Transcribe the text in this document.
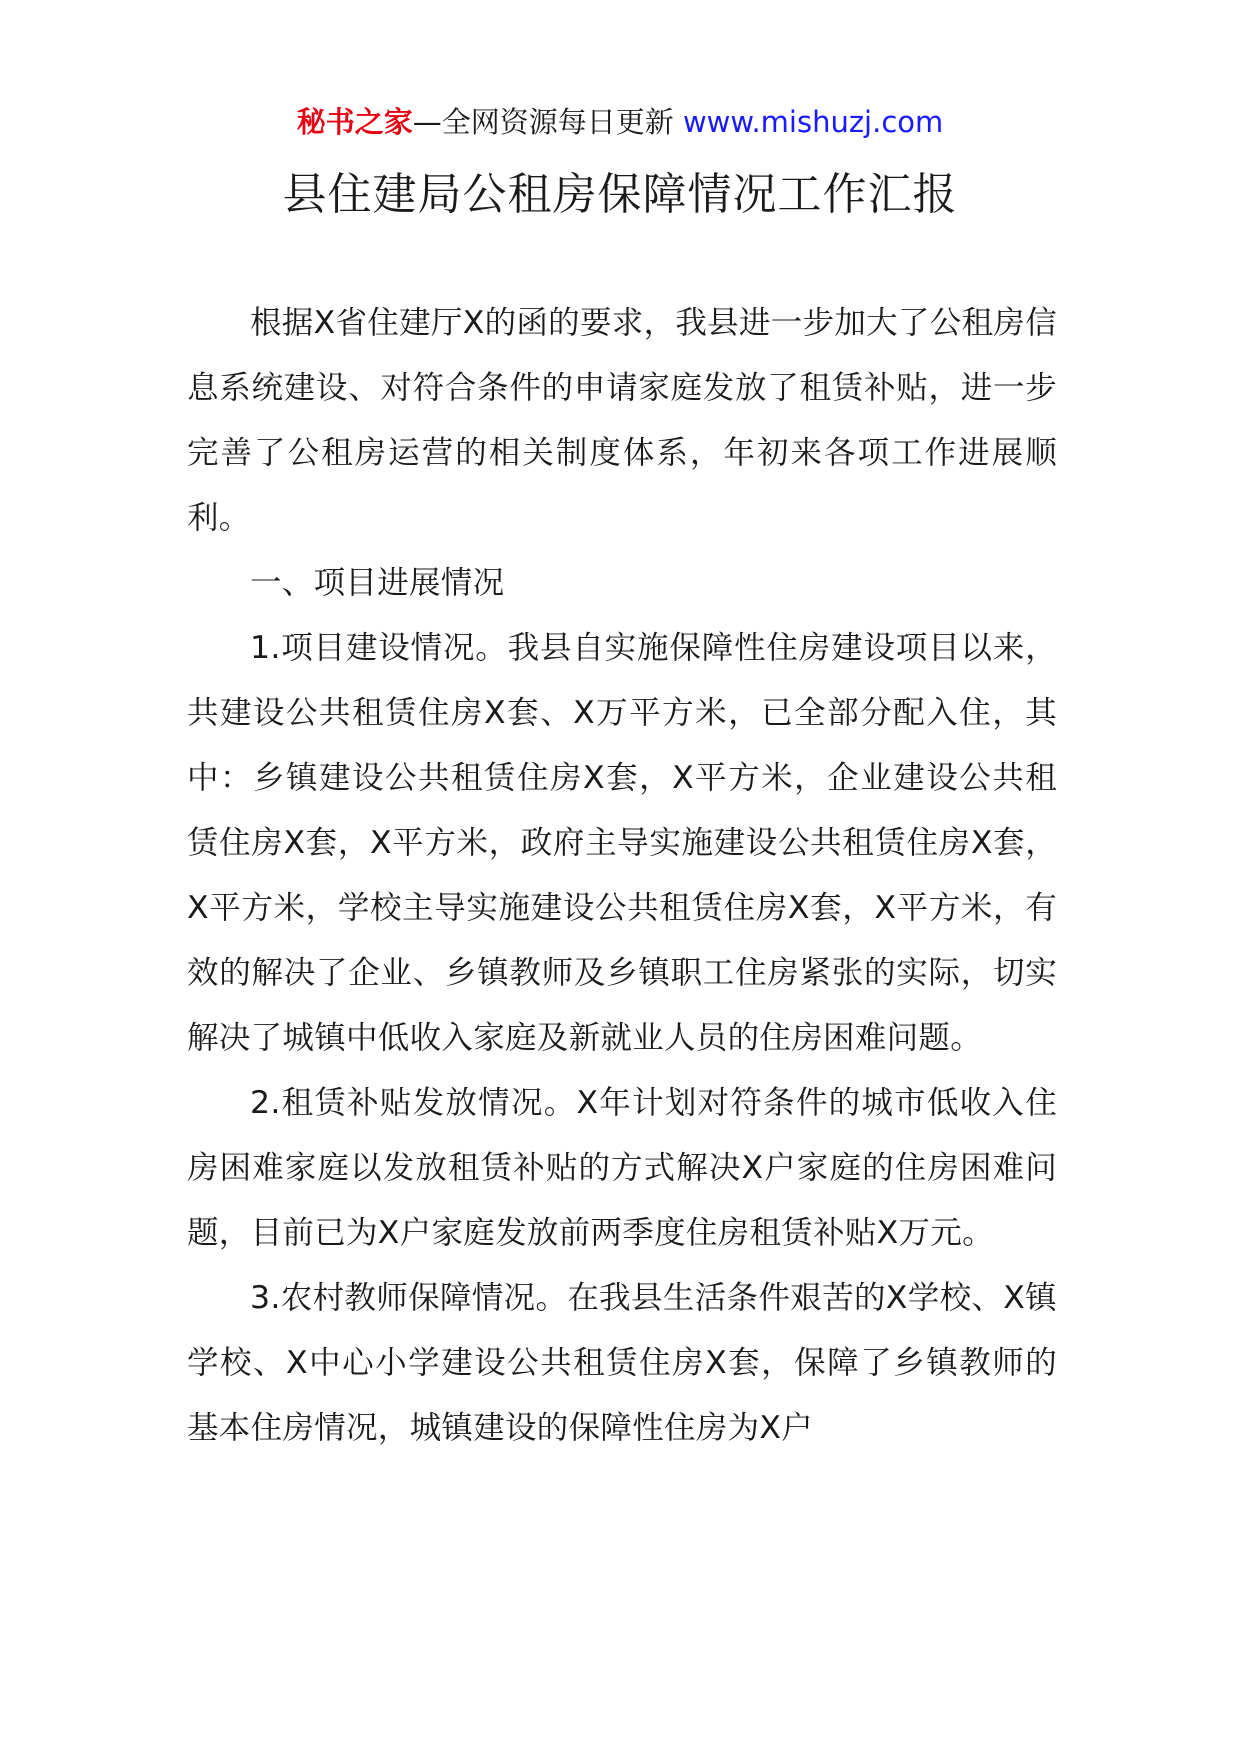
秘书之家—全网资源每日更新 www.mishuzj.com
县住建局公租房保障情况工作汇报

根据X省住建厅X的函的要求，我县进一步加大了公租房信息系统建设、对符合条件的申请家庭发放了租赁补贴，进一步完善了公租房运营的相关制度体系，年初来各项工作进展顺利。

一、项目进展情况

1.项目建设情况。我县自实施保障性住房建设项目以来，共建设公共租赁住房X套、X万平方米，已全部分配入住，其中：乡镇建设公共租赁住房X套，X平方米，企业建设公共租赁住房X套，X平方米，政府主导实施建设公共租赁住房X套，X平方米，学校主导实施建设公共租赁住房X套，X平方米，有效的解决了企业、乡镇教师及乡镇职工住房紧张的实际，切实解决了城镇中低收入家庭及新就业人员的住房困难问题。

2.租赁补贴发放情况。X年计划对符条件的城市低收入住房困难家庭以发放租赁补贴的方式解决X户家庭的住房困难问题，目前已为X户家庭发放前两季度住房租赁补贴X万元。

3.农村教师保障情况。在我县生活条件艰苦的X学校、X镇学校、X中心小学建设公共租赁住房X套，保障了乡镇教师的基本住房情况，城镇建设的保障性住房为X户
